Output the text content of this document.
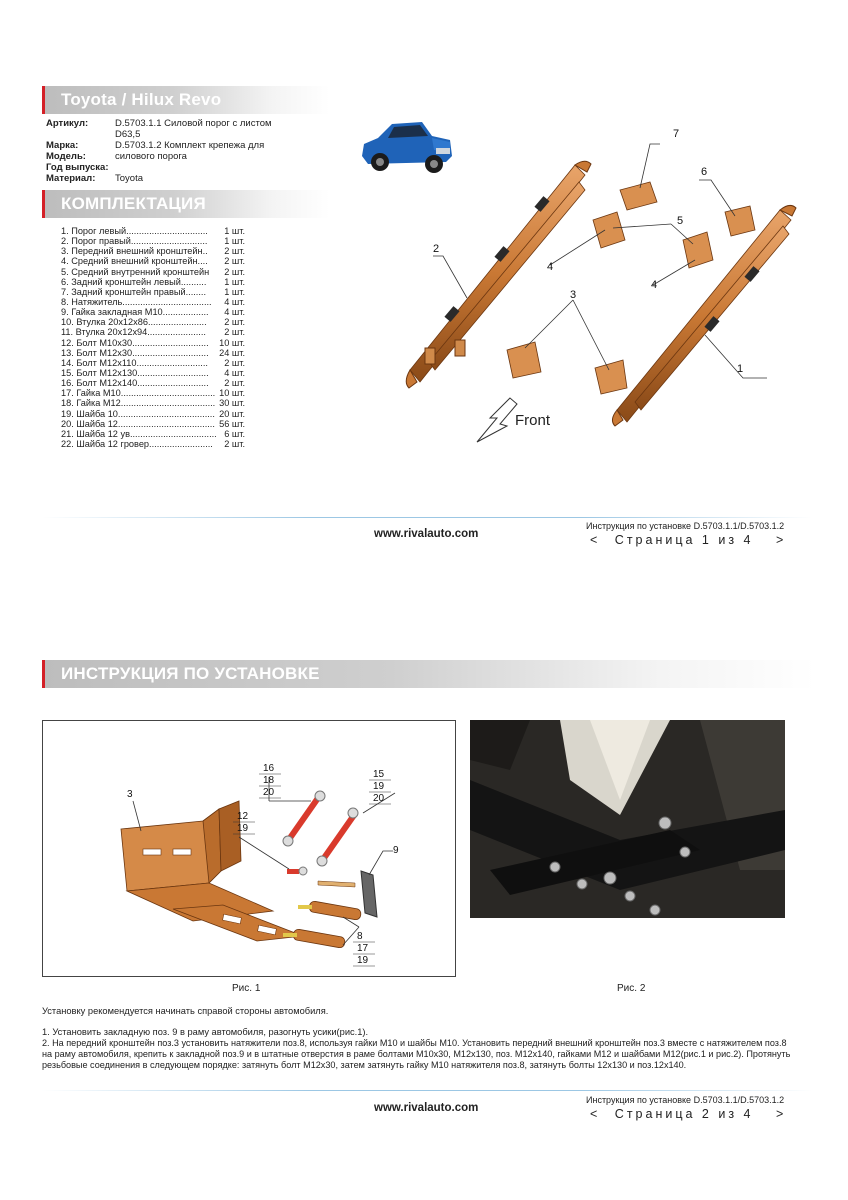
Toyota / Hilux Revo
Артикул:	D.5703.1.1 Силовой порог с листом
D63,5
Марка:	D.5703.1.2 Комплект крепежа для
Модель:	силового порога
Год выпуска:
Материал: Toyota
КОМПЛЕКТАЦИЯ
1. Порог левый................................ 1 шт.
2. Порог правый.............................. 1 шт.
3. Передний внешний кронштейн.. 2 шт.
4. Средний внешний кронштейн.... 2 шт.
5. Средний внутренний кронштейн 2 шт.
6. Задний кронштейн левый.......... 1 шт.
7. Задний кронштейн правый........ 1 шт.
8. Натяжитель................................... 4 шт.
9. Гайка закладная М10.................. 4 шт.
10. Втулка 20х12х86....................... 2 шт.
11. Втулка 20х12х94....................... 2 шт.
12. Болт М10х30.............................. 10 шт.
13. Болт М12х30.............................. 24 шт.
14. Болт М12х110............................ 2 шт.
15. Болт М12х130............................ 4 шт.
16. Болт М12х140............................ 2 шт.
17. Гайка М10..................................... 10 шт.
18. Гайка М12..................................... 30 шт.
19. Шайба 10...................................... 20 шт.
20. Шайба 12...................................... 56 шт.
21. Шайба 12 ув.................................. 6 шт.
22. Шайба 12 гровер......................... 2 шт.
7
6
5
2
4
4
3
1
Front
www.rivalauto.com
Инструкция по установке D.5703.1.1/D.5703.1.2
< Страница 1 из 4 >
ИНСТРУКЦИЯ ПО УСТАНОВКЕ
3
16
18
20
15
19
20
12
19
9
8
17
19
Рис. 1	Рис. 2
Установку рекомендуется начинать справой стороны автомобиля.
1. Установить закладную поз. 9 в раму автомобиля, разогнуть усики(рис.1).
2. На передний кронштейн поз.3 установить натяжители поз.8, используя гайки М10 и шайбы М10. Установить передний внешний кронштейн поз.3 вместе с натяжителем поз.8
на раму автомобиля, крепить к закладной поз.9 и в штатные отверстия в раме болтами М10х30, М12х130, поз. М12х140, гайками М12 и шайбами М12(рис.1 и рис.2). Протянуть
резьбовые соединения в следующем порядке: затянуть болт М12х30, затем затянуть гайку М10 натяжителя поз.8, затянуть болты 12х130 и поз.12х140.
www.rivalauto.com
Инструкция по установке D.5703.1.1/D.5703.1.2
< Страница 2 из 4 >
